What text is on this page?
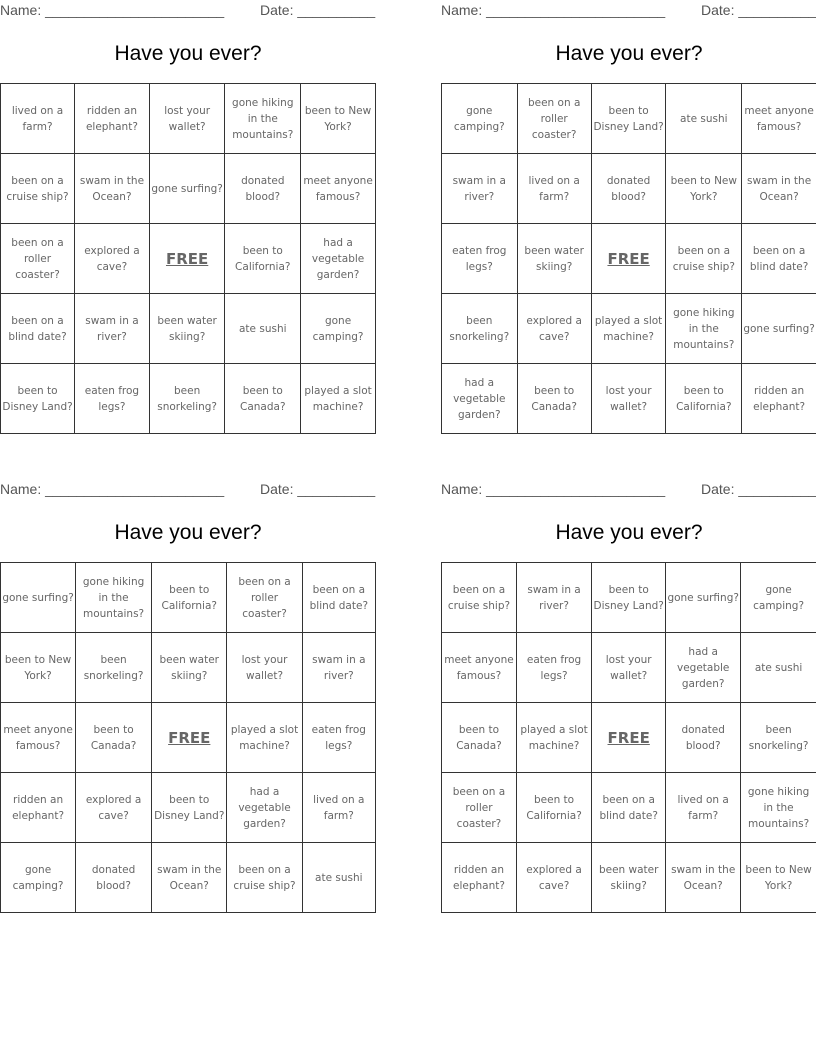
Name: _______________________	Date: __________
Have you ever?
lived on a farm?	ridden an elephant?	lost your wallet?	gone hiking in the mountains?	been to New York?
been on a cruise ship?	swam in the Ocean?	gone surfing?	donated blood?	meet anyone famous?
been on a roller coaster?	explored a cave?	FREE	been to California?	had a vegetable garden?
been on a blind date?	swam in a river?	been water skiing?	ate sushi	gone camping?
been to Disney Land?	eaten frog legs?	been snorkeling?	been to Canada?	played a slot machine?
Name: _______________________	Date: __________
Have you ever?
gone camping?	been on a roller coaster?	been to Disney Land?	ate sushi	meet anyone famous?
swam in a river?	lived on a farm?	donated blood?	been to New York?	swam in the Ocean?
eaten frog legs?	been water skiing?	FREE	been on a cruise ship?	been on a blind date?
been snorkeling?	explored a cave?	played a slot machine?	gone hiking in the mountains?	gone surfing?
had a vegetable garden?	been to Canada?	lost your wallet?	been to California?	ridden an elephant?
Name: _______________________	Date: __________
Have you ever?
gone surfing?	gone hiking in the mountains?	been to California?	been on a roller coaster?	been on a blind date?
been to New York?	been snorkeling?	been water skiing?	lost your wallet?	swam in a river?
meet anyone famous?	been to Canada?	FREE	played a slot machine?	eaten frog legs?
ridden an elephant?	explored a cave?	been to Disney Land?	had a vegetable garden?	lived on a farm?
gone camping?	donated blood?	swam in the Ocean?	been on a cruise ship?	ate sushi
Name: _______________________	Date: __________
Have you ever?
been on a cruise ship?	swam in a river?	been to Disney Land?	gone surfing?	gone camping?
meet anyone famous?	eaten frog legs?	lost your wallet?	had a vegetable garden?	ate sushi
been to Canada?	played a slot machine?	FREE	donated blood?	been snorkeling?
been on a roller coaster?	been to California?	been on a blind date?	lived on a farm?	gone hiking in the mountains?
ridden an elephant?	explored a cave?	been water skiing?	swam in the Ocean?	been to New York?
